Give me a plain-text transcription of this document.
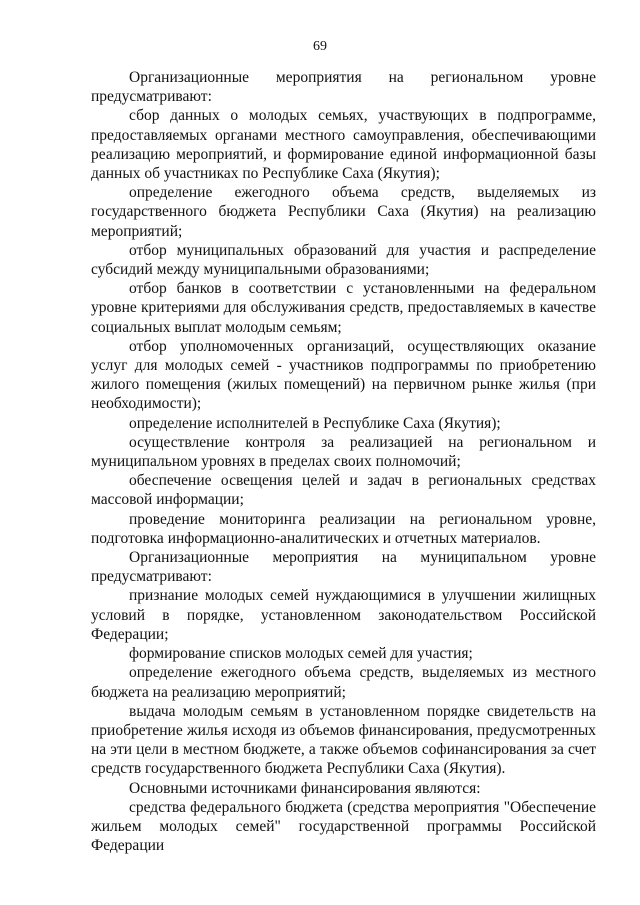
69

Организационные мероприятия на региональном уровне предусматривают:

сбор данных о молодых семьях, участвующих в подпрограмме, предоставляемых органами местного самоуправления, обеспечивающими реализацию мероприятий, и формирование единой информационной базы данных об участниках по Республике Саха (Якутия);

определение ежегодного объема средств, выделяемых из государственного бюджета Республики Саха (Якутия) на реализацию мероприятий;

отбор муниципальных образований для участия и распределение субсидий между муниципальными образованиями;

отбор банков в соответствии с установленными на федеральном уровне критериями для обслуживания средств, предоставляемых в качестве социальных выплат молодым семьям;

отбор уполномоченных организаций, осуществляющих оказание услуг для молодых семей - участников подпрограммы по приобретению жилого помещения (жилых помещений) на первичном рынке жилья (при необходимости);

определение исполнителей в Республике Саха (Якутия);

осуществление контроля за реализацией на региональном и муниципальном уровнях в пределах своих полномочий;

обеспечение освещения целей и задач в региональных средствах массовой информации;

проведение мониторинга реализации на региональном уровне, подготовка информационно-аналитических и отчетных материалов.

Организационные мероприятия на муниципальном уровне предусматривают:

признание молодых семей нуждающимися в улучшении жилищных условий в порядке, установленном законодательством Российской Федерации;

формирование списков молодых семей для участия;

определение ежегодного объема средств, выделяемых из местного бюджета на реализацию мероприятий;

выдача молодым семьям в установленном порядке свидетельств на приобретение жилья исходя из объемов финансирования, предусмотренных на эти цели в местном бюджете, а также объемов софинансирования за счет средств государственного бюджета Республики Саха (Якутия).

Основными источниками финансирования являются:

средства федерального бюджета (средства мероприятия "Обеспечение жильем молодых семей" государственной программы Российской Федерации
